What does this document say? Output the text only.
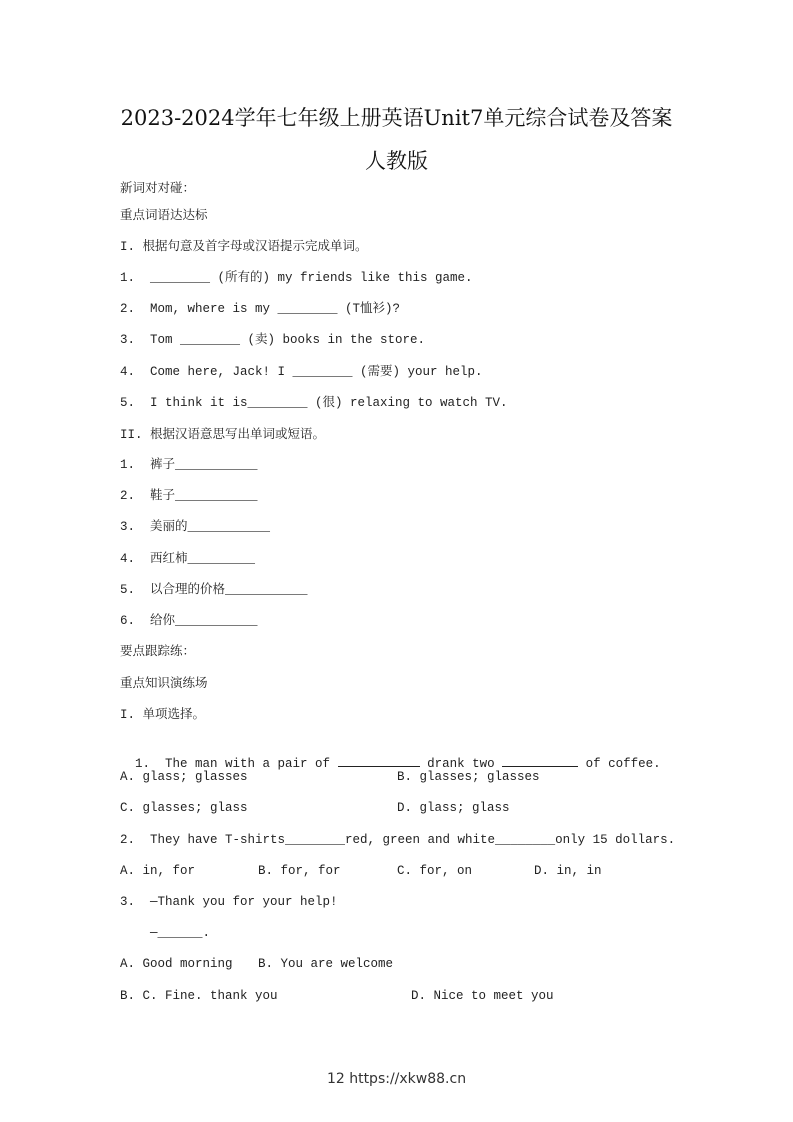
2023-2024学年七年级上册英语Unit7单元综合试卷及答案
人教版
新词对对碰：
重点词语达达标
I. 根据句意及首字母或汉语提示完成单词。
1.  ________ (所有的) my friends like this game.
2.  Mom, where is my ________ (T恤衫)?
3.  Tom ________ (卖) books in the store.
4.  Come here, Jack! I ________ (需要) your help.
5.  I think it is________ (很) relaxing to watch TV.
II. 根据汉语意思写出单词或短语。
1.  裤子___________
2.  鞋子___________
3.  美丽的___________
4.  西红柿_________
5.  以合理的价格___________
6.  给你___________
要点跟踪练：
重点知识演练场
I. 单项选择。

1.  The man with a pair of	drank two	of coffee.

A. glass; glasses	B. glasses; glasses
C. glasses; glass	D. glass; glass
2.  They have T-shirts________red, green and white________only 15 dollars.
A. in, for	B. for, for	C. for, on	D. in, in
3.  —Thank you for your help!
—______.
A. Good morning B. You are welcome
B. C. Fine. thank you	D. Nice to meet you
12 https://xkw88.cn
